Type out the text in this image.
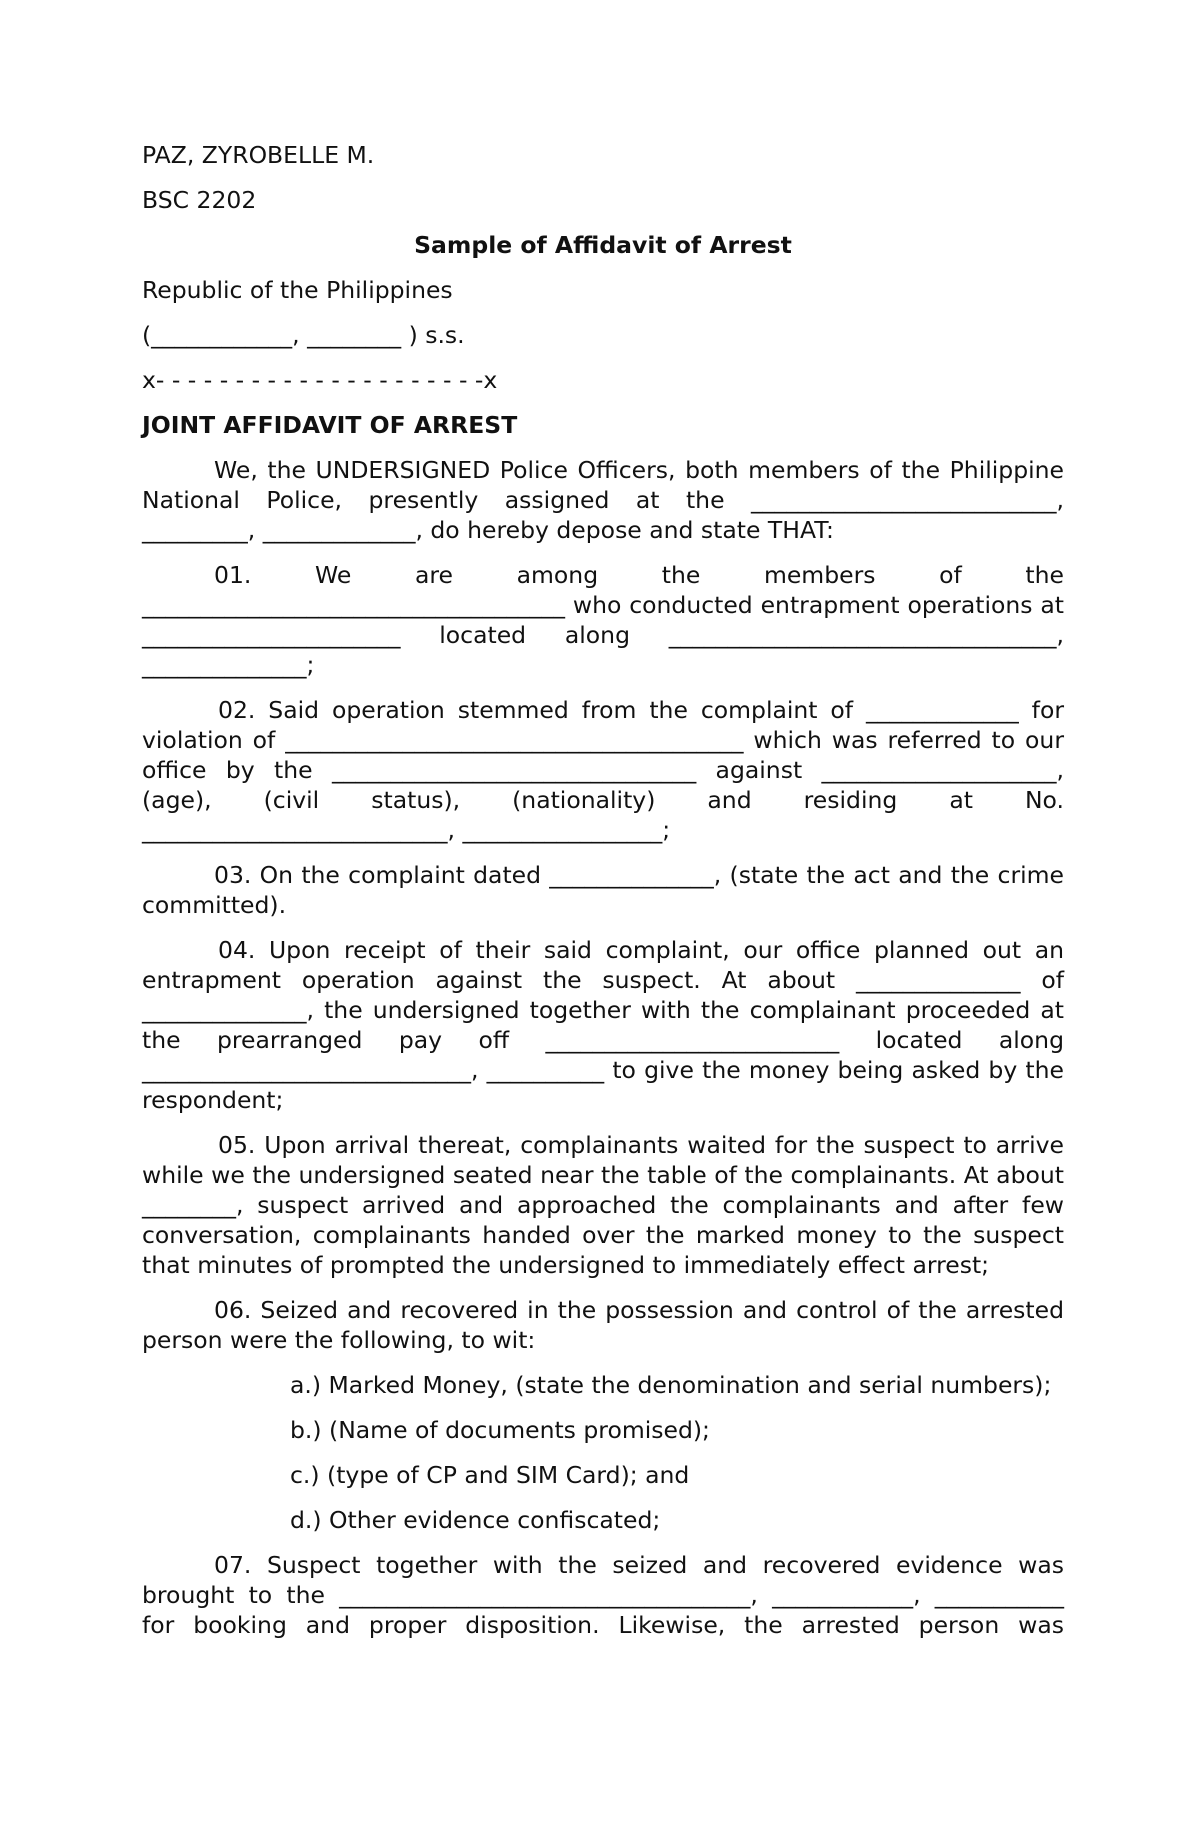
PAZ, ZYROBELLE M.

BSC 2202

Sample of Affidavit of Arrest

Republic of the Philippines

(____________, ________ ) s.s.

x- - - - - - - - - - - - - - - - - - - - -x

JOINT AFFIDAVIT OF ARREST

We, the UNDERSIGNED Police Officers, both members of the Philippine National Police, presently assigned at the __________________________, _________, _____________, do hereby depose and state THAT:

01. We are among the members of the ____________________________________ who conducted entrapment operations at ______________________ located along _________________________________, ______________;

02. Said operation stemmed from the complaint of _____________ for violation of _______________________________________ which was referred to our office by the _______________________________ against ____________________, (age), (civil status), (nationality) and residing at No. __________________________, _________________;

03. On the complaint dated ______________, (state the act and the crime committed).

04. Upon receipt of their said complaint, our office planned out an entrapment operation against the suspect. At about ______________ of ______________, the undersigned together with the complainant proceeded at the prearranged pay off _________________________ located along ____________________________, __________ to give the money being asked by the respondent;

05. Upon arrival thereat, complainants waited for the suspect to arrive while we the undersigned seated near the table of the complainants. At about ________, suspect arrived and approached the complainants and after few conversation, complainants handed over the marked money to the suspect that minutes of prompted the undersigned to immediately effect arrest;

06. Seized and recovered in the possession and control of the arrested person were the following, to wit:

a.) Marked Money, (state the denomination and serial numbers);

b.) (Name of documents promised);

c.) (type of CP and SIM Card); and

d.) Other evidence confiscated;

07. Suspect together with the seized and recovered evidence was brought to the ___________________________________, ____________, ___________ for booking and proper disposition. Likewise, the arrested person was
